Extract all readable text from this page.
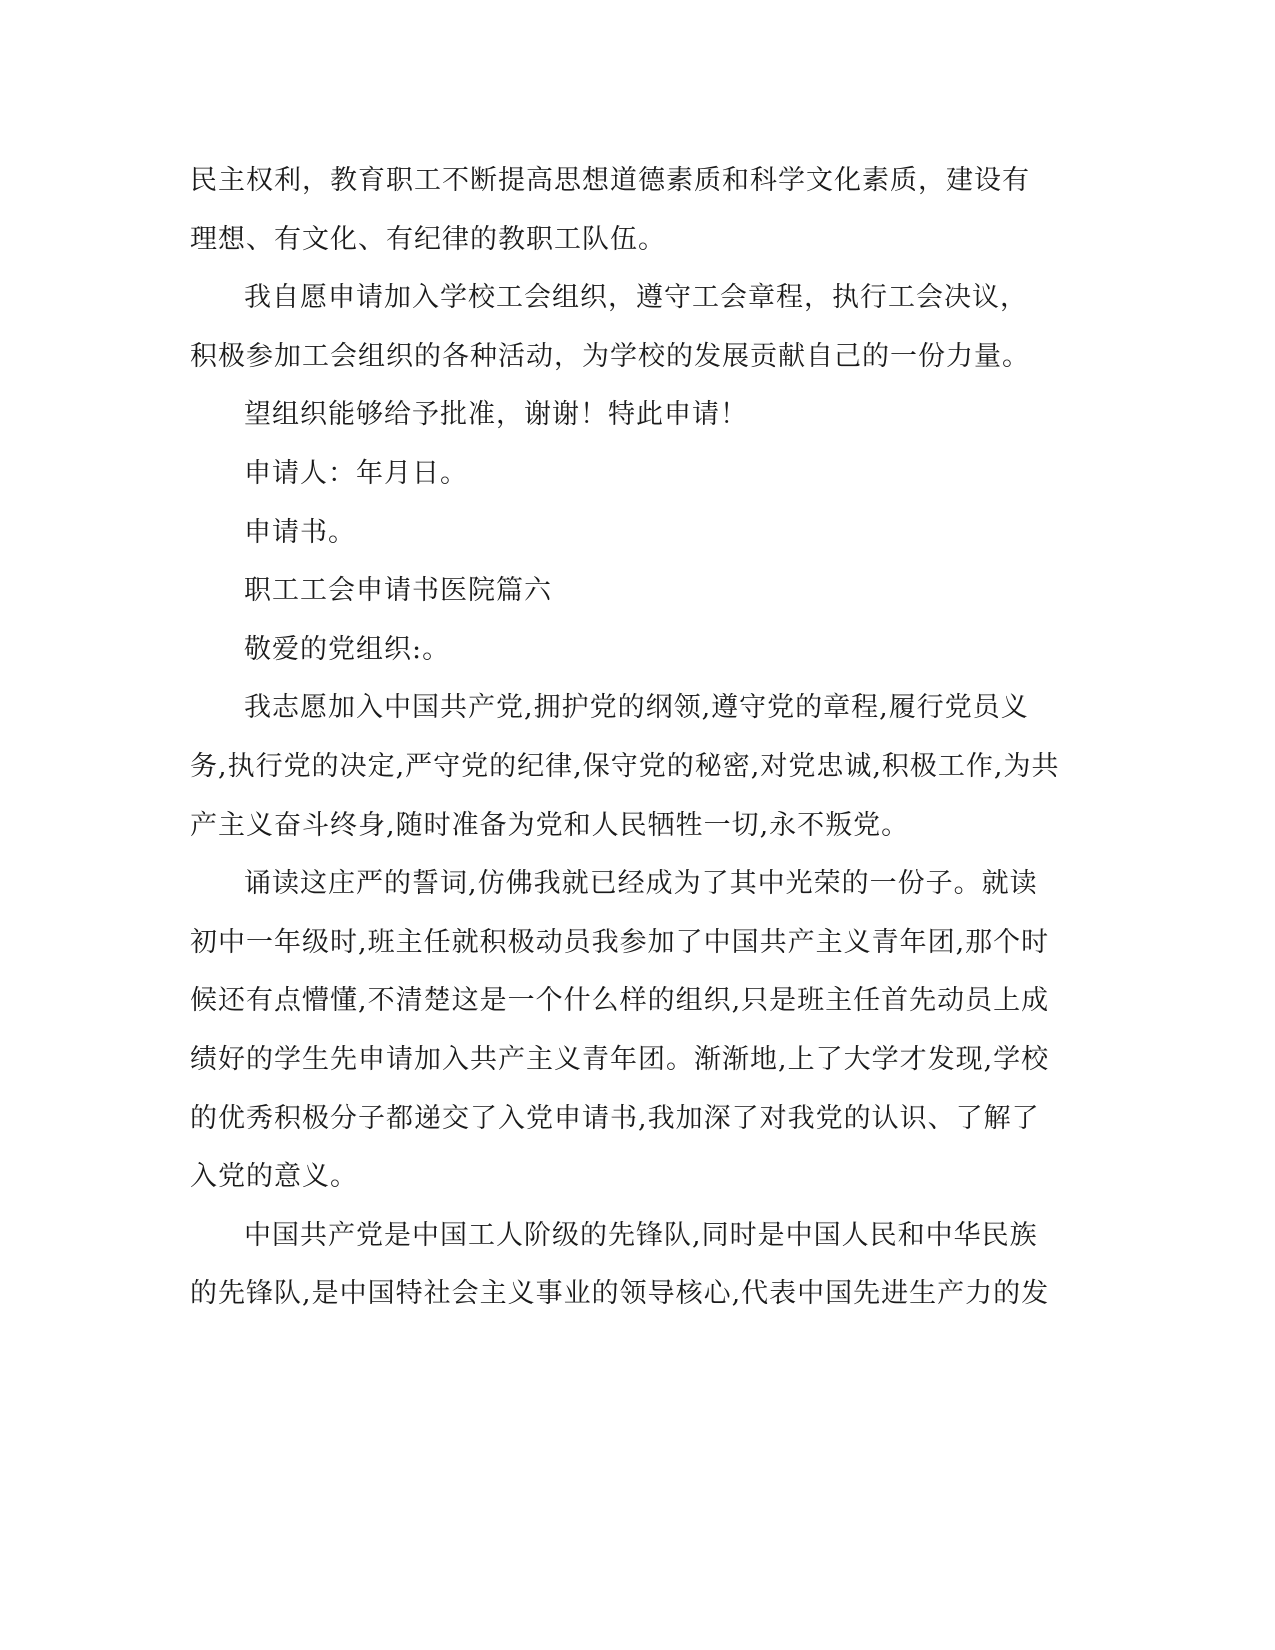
民主权利，教育职工不断提高思想道德素质和科学文化素质，建设有
理想、有文化、有纪律的教职工队伍。

我自愿申请加入学校工会组织，遵守工会章程，执行工会决议，

积极参加工会组织的各种活动，为学校的发展贡献自己的一份力量。

望组织能够给予批准，谢谢！特此申请！

申请人：年月日。

申请书。

职工工会申请书医院篇六

敬爱的党组织:。

我志愿加入中国共产党,拥护党的纲领,遵守党的章程,履行党员义

务,执行党的决定,严守党的纪律,保守党的秘密,对党忠诚,积极工作,为共
产主义奋斗终身,随时准备为党和人民牺牲一切,永不叛党。

诵读这庄严的誓词,仿佛我就已经成为了其中光荣的一份子。就读

初中一年级时,班主任就积极动员我参加了中国共产主义青年团,那个时
候还有点懵懂,不清楚这是一个什么样的组织,只是班主任首先动员上成
绩好的学生先申请加入共产主义青年团。渐渐地,上了大学才发现,学校
的优秀积极分子都递交了入党申请书,我加深了对我党的认识、了解了
入党的意义。

中国共产党是中国工人阶级的先锋队,同时是中国人民和中华民族

的先锋队,是中国特社会主义事业的领导核心,代表中国先进生产力的发
